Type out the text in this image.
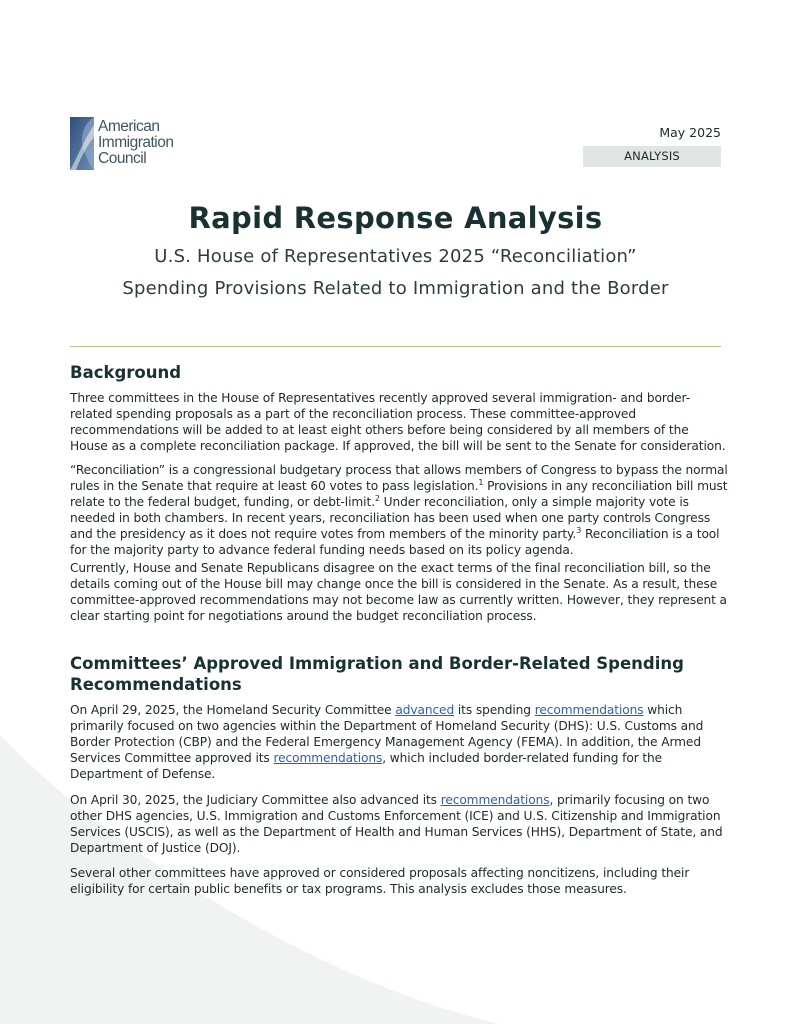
American
Immigration
Council
May 2025
ANALYSIS
Rapid Response Analysis
U.S. House of Representatives 2025 “Reconciliation”
Spending Provisions Related to Immigration and the Border
Background

Three committees in the House of Representatives recently approved several immigration- and border-related spending proposals as a part of the reconciliation process. These committee-approved recommendations will be added to at least eight others before being considered by all members of the House as a complete reconciliation package. If approved, the bill will be sent to the Senate for consideration.

“Reconciliation” is a congressional budgetary process that allows members of Congress to bypass the normal rules in the Senate that require at least 60 votes to pass legislation.$^1$ Provisions in any reconciliation bill must relate to the federal budget, funding, or debt-limit.$^2$ Under reconciliation, only a simple majority vote is needed in both chambers. In recent years, reconciliation has been used when one party controls Congress and the presidency as it does not require votes from members of the minority party.$^3$ Reconciliation is a tool for the majority party to advance federal funding needs based on its policy agenda.

Currently, House and Senate Republicans disagree on the exact terms of the final reconciliation bill, so the details coming out of the House bill may change once the bill is considered in the Senate. As a result, these committee-approved recommendations may not become law as currently written. However, they represent a clear starting point for negotiations around the budget reconciliation process.

Committees’ Approved Immigration and Border-Related Spending
Recommendations

On April 29, 2025, the Homeland Security Committee advanced its spending recommendations which primarily focused on two agencies within the Department of Homeland Security (DHS): U.S. Customs and Border Protection (CBP) and the Federal Emergency Management Agency (FEMA). In addition, the Armed Services Committee approved its recommendations, which included border-related funding for the Department of Defense.

On April 30, 2025, the Judiciary Committee also advanced its recommendations, primarily focusing on two other DHS agencies, U.S. Immigration and Customs Enforcement (ICE) and U.S. Citizenship and Immigration Services (USCIS), as well as the Department of Health and Human Services (HHS), Department of State, and Department of Justice (DOJ).

Several other committees have approved or considered proposals affecting noncitizens, including their eligibility for certain public benefits or tax programs. This analysis excludes those measures.
